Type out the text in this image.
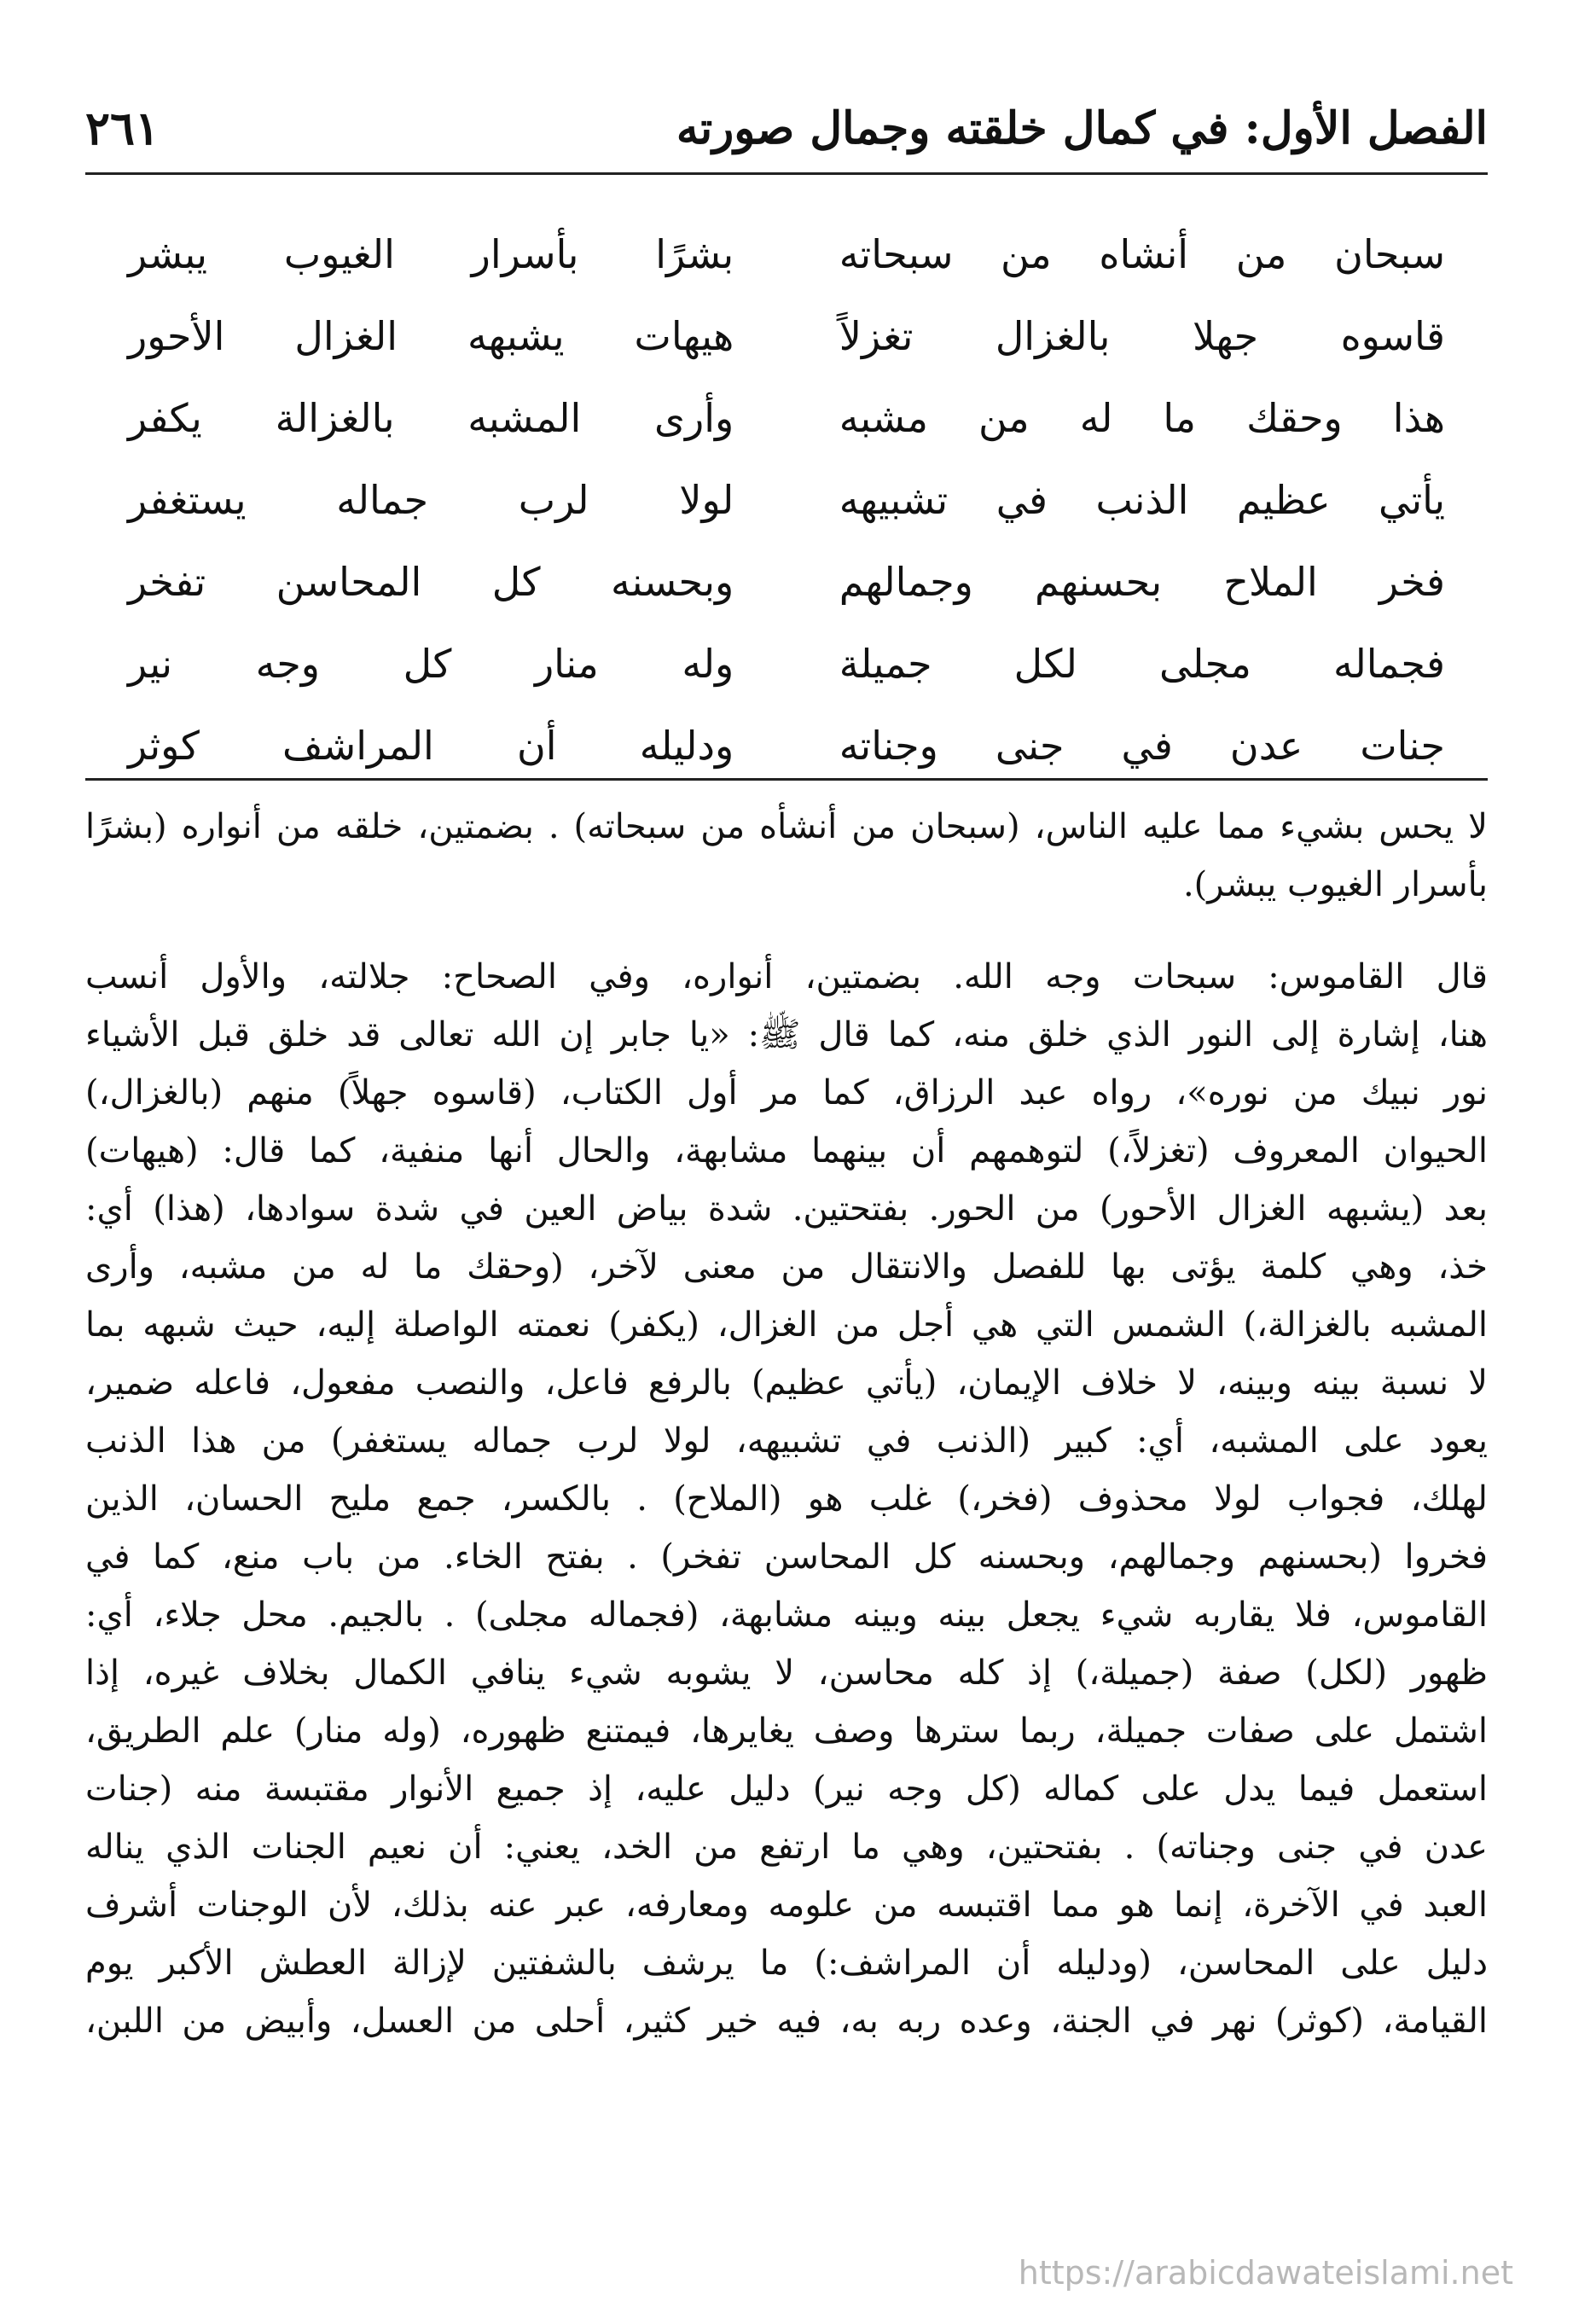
الفصل الأول: في كمال خلقته وجمال صورته
٢٦١
سبحان من أنشاه من سبحاته
بشرًا بأسرار الغيوب يبشر
قاسوه جهلا بالغزال تغزلاً
هيهات يشبهه الغزال الأحور
هذا وحقك ما له من مشبه
وأرى المشبه بالغزالة يكفر
يأتي عظيم الذنب في تشبيهه
لولا لرب جماله يستغفر
فخر الملاح بحسنهم وجمالهم
وبحسنه كل المحاسن تفخر
فجماله مجلى لكل جميلة
وله منار كل وجه نير
جنات عدن في جنى وجناته
ودليله أن المراشف كوثر

لا يحس بشيء مما عليه الناس، (سبحان من أنشأه من سبحاته) . بضمتين، خلقه من أنواره (بشرًا
بأسرار الغيوب يبشر).

قال القاموس: سبحات وجه الله. بضمتين، أنواره، وفي الصحاح: جلالته، والأول أنسب
هنا، إشارة إلى النور الذي خلق منه، كما قال ﷺ: «يا جابر إن الله تعالى قد خلق قبل الأشياء
نور نبيك من نوره»، رواه عبد الرزاق، كما مر أول الكتاب، (قاسوه جهلاً) منهم (بالغزال،)
الحيوان المعروف (تغزلاً،) لتوهمهم أن بينهما مشابهة، والحال أنها منفية، كما قال: (هيهات)
بعد (يشبهه الغزال الأحور) من الحور. بفتحتين. شدة بياض العين في شدة سوادها، (هذا) أي:
خذ، وهي كلمة يؤتى بها للفصل والانتقال من معنى لآخر، (وحقك ما له من مشبه، وأرى
المشبه بالغزالة،) الشمس التي هي أجل من الغزال، (يكفر) نعمته الواصلة إليه، حيث شبهه بما
لا نسبة بينه وبينه، لا خلاف الإيمان، (يأتي عظيم) بالرفع فاعل، والنصب مفعول، فاعله ضمير،
يعود على المشبه، أي: كبير (الذنب في تشبيهه، لولا لرب جماله يستغفر) من هذا الذنب
لهلك، فجواب لولا محذوف (فخر،) غلب هو (الملاح) . بالكسر، جمع مليح الحسان، الذين
فخروا (بحسنهم وجمالهم، وبحسنه كل المحاسن تفخر) . بفتح الخاء. من باب منع، كما في
القاموس، فلا يقاربه شيء يجعل بينه وبينه مشابهة، (فجماله مجلى) . بالجيم. محل جلاء، أي:
ظهور (لكل) صفة (جميلة،) إذ كله محاسن، لا يشوبه شيء ينافي الكمال بخلاف غيره، إذا
اشتمل على صفات جميلة، ربما سترها وصف يغايرها، فيمتنع ظهوره، (وله منار) علم الطريق،
استعمل فيما يدل على كماله (كل وجه نير) دليل عليه، إذ جميع الأنوار مقتبسة منه (جنات
عدن في جنى وجناته) . بفتحتين، وهي ما ارتفع من الخد، يعني: أن نعيم الجنات الذي يناله
العبد في الآخرة، إنما هو مما اقتبسه من علومه ومعارفه، عبر عنه بذلك، لأن الوجنات أشرف
دليل على المحاسن، (ودليله أن المراشف:) ما يرشف بالشفتين لإزالة العطش الأكبر يوم
القيامة، (كوثر) نهر في الجنة، وعده ربه به، فيه خير كثير، أحلى من العسل، وأبيض من اللبن،

https://arabicdawateislami.net
